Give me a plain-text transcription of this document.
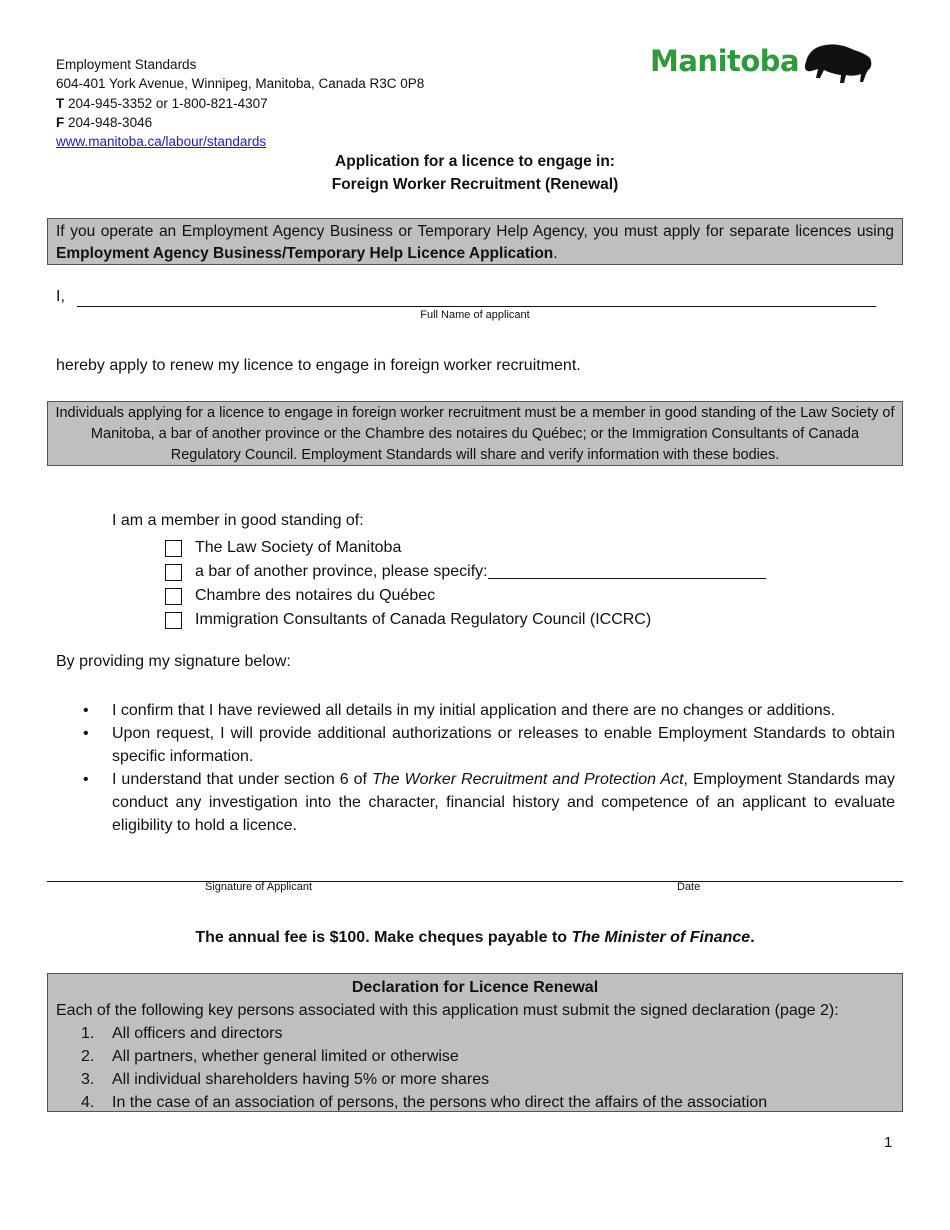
Employment Standards
604-401 York Avenue, Winnipeg, Manitoba, Canada R3C 0P8
T 204-945-3352 or 1-800-821-4307
F 204-948-3046
www.manitoba.ca/labour/standards
Manitoba
Application for a licence to engage in:
Foreign Worker Recruitment (Renewal)
If you operate an Employment Agency Business or Temporary Help Agency, you must apply for separate licences using Employment Agency Business/Temporary Help Licence Application.
I,
Full Name of applicant
hereby apply to renew my licence to engage in foreign worker recruitment.
Individuals applying for a licence to engage in foreign worker recruitment must be a member in good standing of the Law Society of Manitoba, a bar of another province or the Chambre des notaires du Québec; or the Immigration Consultants of Canada Regulatory Council. Employment Standards will share and verify information with these bodies.
I am a member in good standing of:
The Law Society of Manitoba
a bar of another province, please specify:
Chambre des notaires du Québec
Immigration Consultants of Canada Regulatory Council (ICCRC)
By providing my signature below:
•	I confirm that I have reviewed all details in my initial application and there are no changes or additions.
•	Upon request, I will provide additional authorizations or releases to enable Employment Standards to obtain specific information.
•	I understand that under section 6 of The Worker Recruitment and Protection Act, Employment Standards may conduct any investigation into the character, financial history and competence of an applicant to evaluate eligibility to hold a licence.
Signature of Applicant	Date
The annual fee is $100. Make cheques payable to The Minister of Finance.
Declaration for Licence Renewal
Each of the following key persons associated with this application must submit the signed declaration (page 2):
1.	All officers and directors
2.	All partners, whether general limited or otherwise
3.	All individual shareholders having 5% or more shares
4.	In the case of an association of persons, the persons who direct the affairs of the association
1
